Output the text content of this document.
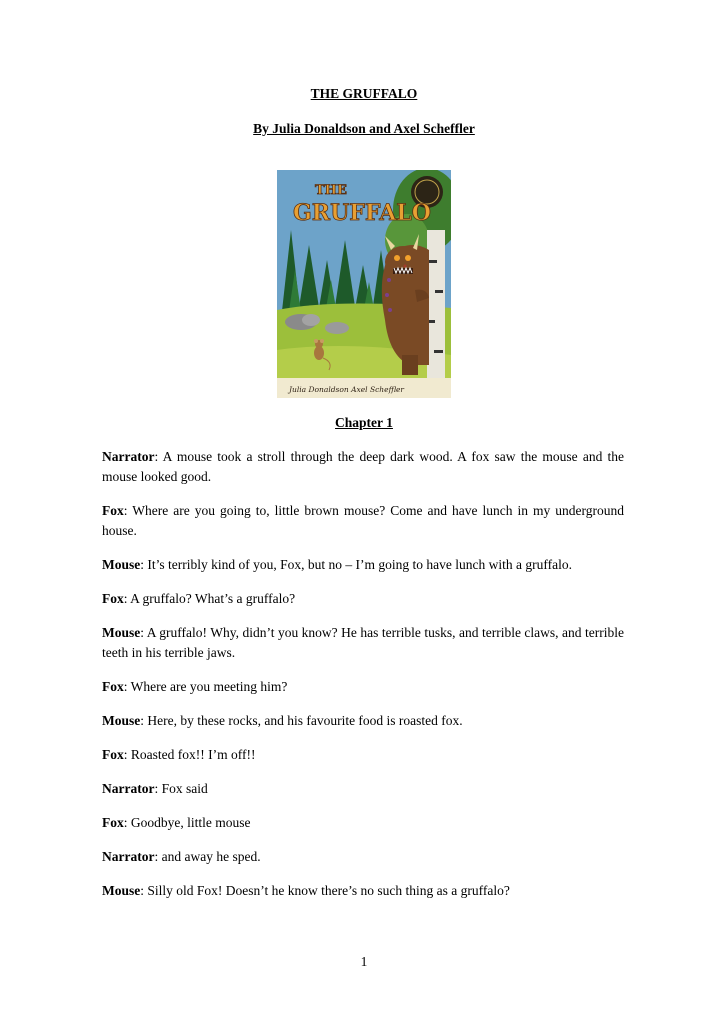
THE GRUFFALO
By Julia Donaldson and Axel Scheffler
THE
GRUFFALO
Julia Donaldson Axel Scheffler
Chapter 1

Narrator: A mouse took a stroll through the deep dark wood. A fox saw the mouse and the mouse looked good.

Fox: Where are you going to, little brown mouse? Come and have lunch in my underground house.

Mouse: It’s terribly kind of you, Fox, but no – I’m going to have lunch with a gruffalo.

Fox: A gruffalo? What’s a gruffalo?

Mouse: A gruffalo! Why, didn’t you know? He has terrible tusks, and terrible claws, and terrible teeth in his terrible jaws.

Fox: Where are you meeting him?

Mouse: Here, by these rocks, and his favourite food is roasted fox.

Fox: Roasted fox!! I’m off!!

Narrator: Fox said

Fox: Goodbye, little mouse

Narrator: and away he sped.

Mouse: Silly old Fox! Doesn’t he know there’s no such thing as a gruffalo?

1
